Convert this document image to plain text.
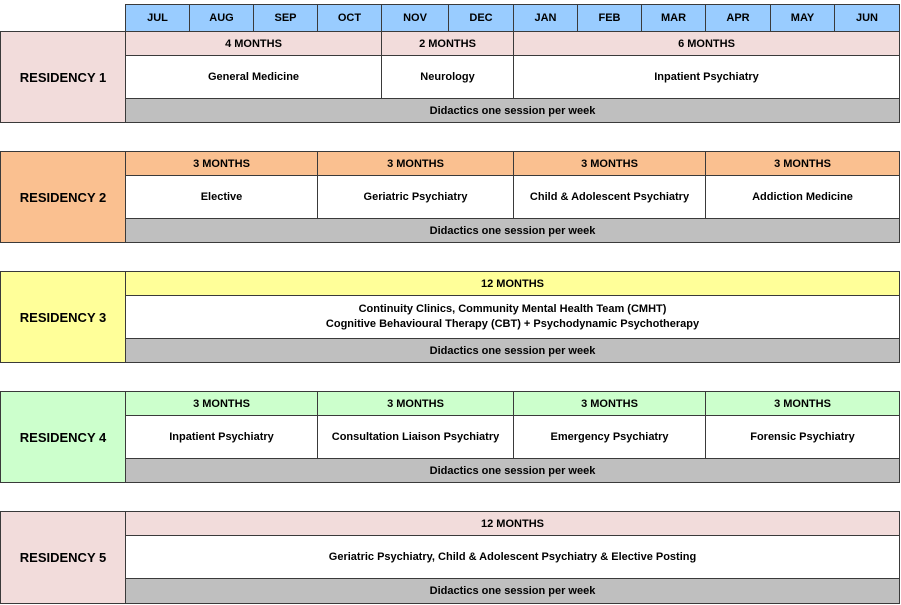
JUL	AUG	SEP	OCT	NOV	DEC	JAN	FEB	MAR	APR	MAY	JUN
RESIDENCY 1
4 MONTHS	2 MONTHS	6 MONTHS
General Medicine	Neurology	Inpatient Psychiatry
Didactics one session per week
RESIDENCY 2
3 MONTHS	3 MONTHS	3 MONTHS	3 MONTHS
Elective	Geriatric Psychiatry	Child & Adolescent Psychiatry	Addiction Medicine
Didactics one session per week
RESIDENCY 3
12 MONTHS
Continuity Clinics, Community Mental Health Team (CMHT)
Cognitive Behavioural Therapy (CBT) + Psychodynamic Psychotherapy
Didactics one session per week
RESIDENCY 4
3 MONTHS	3 MONTHS	3 MONTHS	3 MONTHS
Inpatient Psychiatry	Consultation Liaison Psychiatry	Emergency Psychiatry	Forensic Psychiatry
Didactics one session per week
RESIDENCY 5
12 MONTHS
Geriatric Psychiatry, Child & Adolescent Psychiatry & Elective Posting
Didactics one session per week
